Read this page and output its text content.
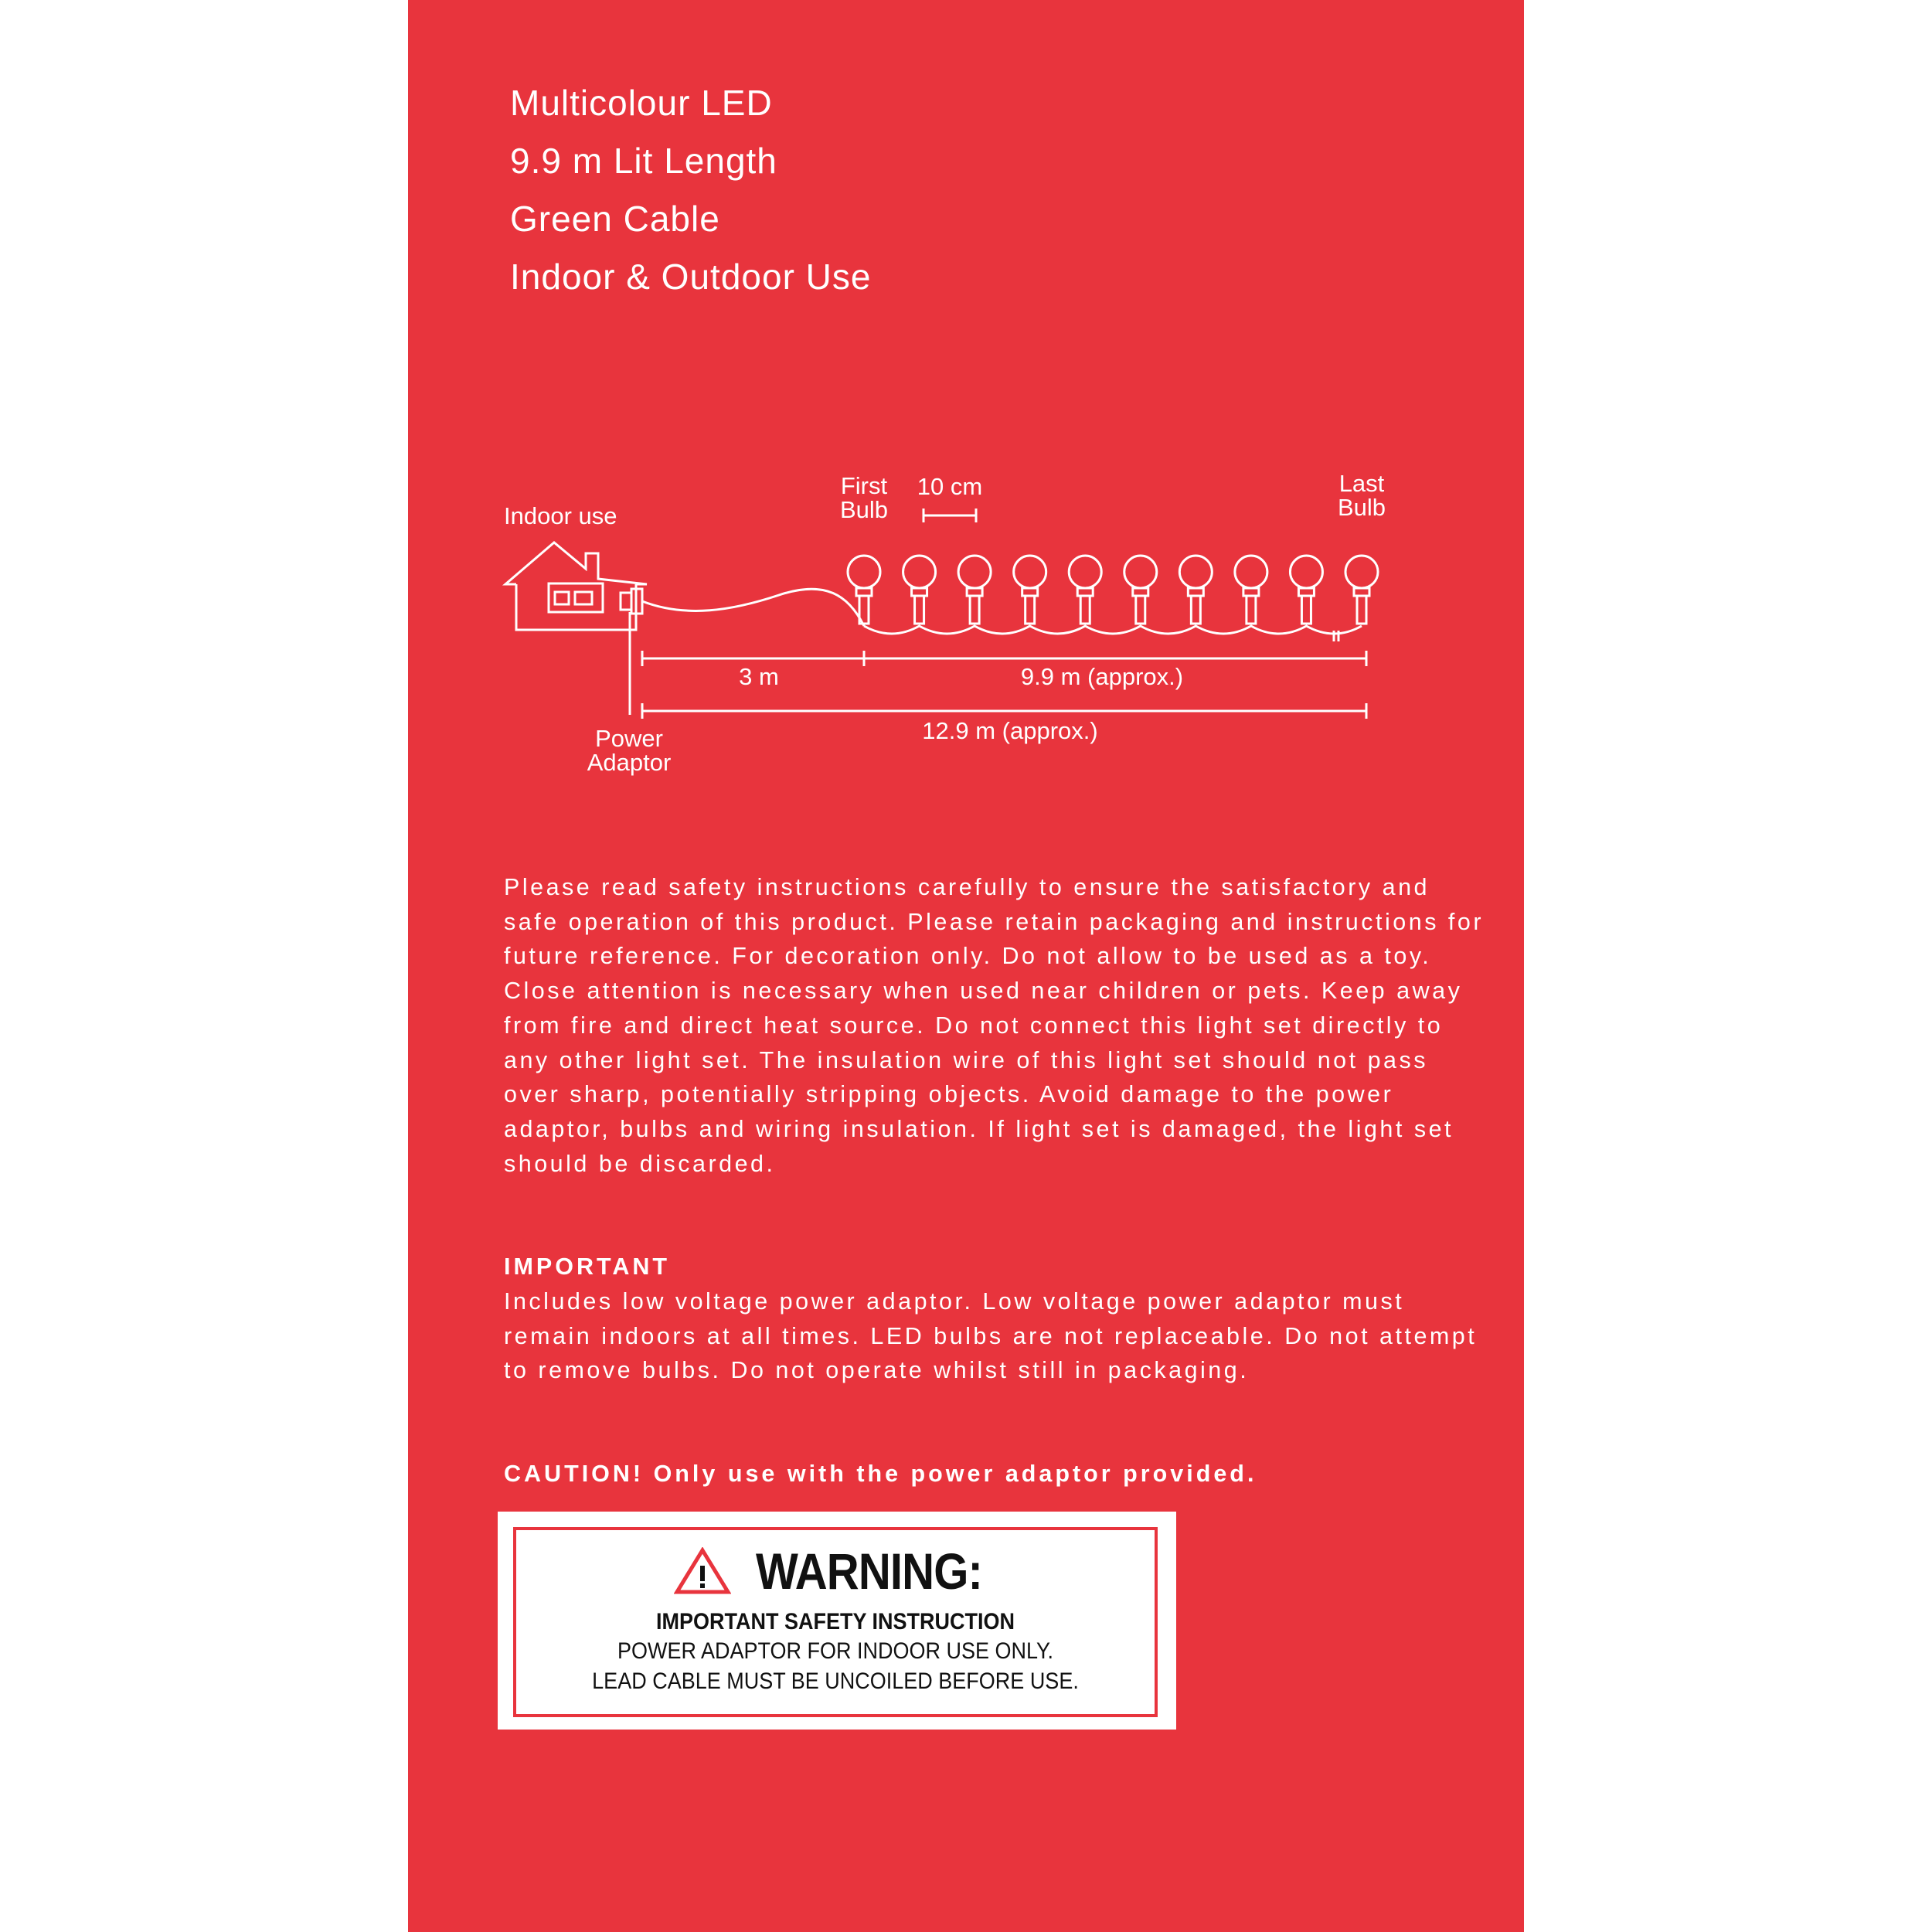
Multicolour LED
9.9 m Lit Length
Green Cable
Indoor & Outdoor Use
Indoor use
First
Bulb
10 cm	Last
Bulb
3 m	9.9 m (approx.)
12.9 m (approx.)
Power
Adaptor

Please read safety instructions carefully to ensure the satisfactory and safe operation of this product. Please retain packaging and instructions for future reference. For decoration only. Do not allow to be used as a toy. Close attention is necessary when used near children or pets. Keep away from fire and direct heat source. Do not connect this light set directly to any other light set. The insulation wire of this light set should not pass over sharp, potentially stripping objects. Avoid damage to the power adaptor, bulbs and wiring insulation. If light set is damaged, the light set should be discarded.

IMPORTANT

Includes low voltage power adaptor. Low voltage power adaptor must remain indoors at all times. LED bulbs are not replaceable. Do not attempt to remove bulbs. Do not operate whilst still in packaging.

CAUTION! Only use with the power adaptor provided.
WARNING:
IMPORTANT SAFETY INSTRUCTION
POWER ADAPTOR FOR INDOOR USE ONLY.
LEAD CABLE MUST BE UNCOILED BEFORE USE.
